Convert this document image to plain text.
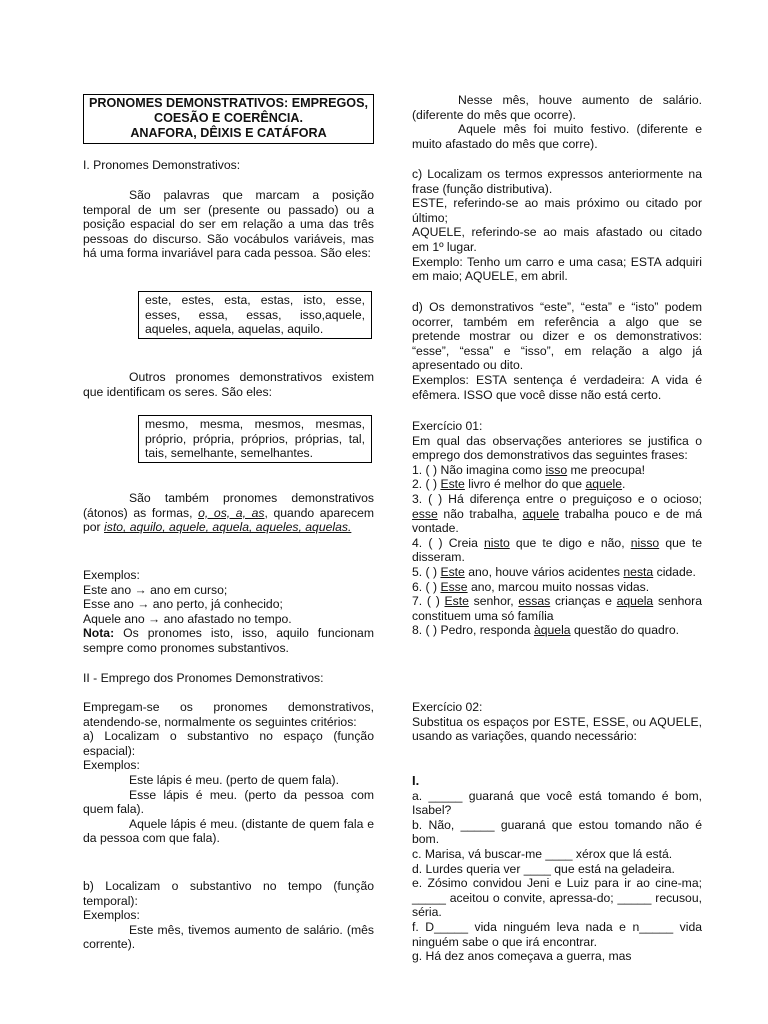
PRONOMES DEMONSTRATIVOS: EMPREGOS,
COESÃO E COERÊNCIA.
ANAFORA, DÊIXIS E CATÁFORA

I. Pronomes Demonstrativos:

São palavras que marcam a posição temporal de um ser (presente ou passado) ou a posição espacial do ser em relação a uma das três pessoas do discurso. São vocábulos variáveis, mas há uma forma invariável para cada pessoa. São eles:

este, estes, esta, estas, isto, esse, esses, essa, essas, isso,aquele, aqueles, aquela, aquelas, aquilo.

Outros pronomes demonstrativos existem que identificam os seres. São eles:

mesmo, mesma, mesmos, mesmas, próprio, própria, próprios, próprias, tal, tais, semelhante, semelhantes.

São também pronomes demonstrativos (átonos) as formas, o, os, a, as, quando aparecem por isto, aquilo, aquele, aquela, aqueles, aquelas.

Exemplos:

Este ano → ano em curso;

Esse ano → ano perto, já conhecido;

Aquele ano → ano afastado no tempo.

Nota: Os pronomes isto, isso, aquilo funcionam sempre como pronomes substantivos.

II - Emprego dos Pronomes Demonstrativos:

Empregam-se os pronomes demonstrativos, atendendo-se, normalmente os seguintes critérios:

a) Localizam o substantivo no espaço (função espacial):

Exemplos:

Este lápis é meu. (perto de quem fala).

Esse lápis é meu. (perto da pessoa com quem fala).

Aquele lápis é meu. (distante de quem fala e da pessoa com que fala).

b) Localizam o substantivo no tempo (função temporal):

Exemplos:

Este mês, tivemos aumento de salário. (mês corrente).

Nesse mês, houve aumento de salário. (diferente do mês que ocorre).

Aquele mês foi muito festivo. (diferente e muito afastado do mês que corre).

c) Localizam os termos expressos anteriormente na frase (função distributiva).

ESTE, referindo-se ao mais próximo ou citado por último;

AQUELE, referindo-se ao mais afastado ou citado em 1º lugar.

Exemplo: Tenho um carro e uma casa; ESTA adquiri em maio; AQUELE, em abril.

d) Os demonstrativos “este”, “esta” e “isto” podem ocorrer, também em referência a algo que se pretende mostrar ou dizer e os demonstrativos: “esse”, “essa” e “isso”, em relação a algo já apresentado ou dito.

Exemplos: ESTA sentença é verdadeira: A vida é efêmera. ISSO que você disse não está certo.

Exercício 01:

Em qual das observações anteriores se justifica o emprego dos demonstrativos das seguintes frases:

1. ( ) Não imagina como isso me preocupa!

2. ( ) Este livro é melhor do que aquele.

3. ( ) Há diferença entre o preguiçoso e o ocioso; esse não trabalha, aquele trabalha pouco e de má vontade.

4. ( ) Creia nisto que te digo e não, nisso que te disseram.

5. ( ) Este ano, houve vários acidentes nesta cidade.

6. ( ) Esse ano, marcou muito nossas vidas.

7. ( ) Este senhor, essas crianças e aquela senhora constituem uma só família

8. ( ) Pedro, responda àquela questão do quadro.

Exercício 02:

Substitua os espaços por ESTE, ESSE, ou AQUELE, usando as variações, quando necessário:

I.

a. _____ guaraná que você está tomando é bom, Isabel?

b. Não, _____ guaraná que estou tomando não é bom.

c. Marisa, vá buscar-me ____ xérox que lá está.

d. Lurdes queria ver ____ que está na geladeira.

e. Zósimo convidou Jeni e Luiz para ir ao cine-ma; _____ aceitou o convite, apressa-do; _____ recusou, séria.

f. D_____ vida ninguém leva nada e n_____ vida ninguém sabe o que irá encontrar.

g. Há dez anos começava a guerra, mas
